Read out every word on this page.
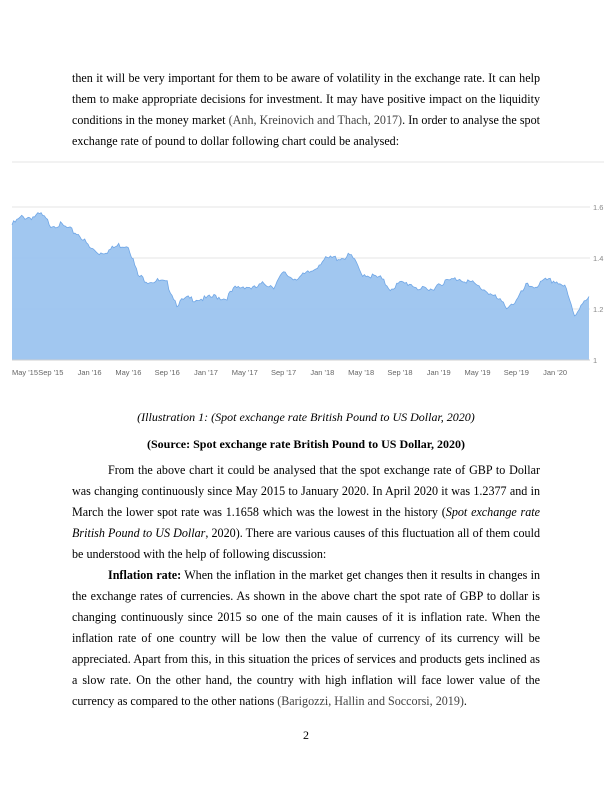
then it will be very important for them to be aware of volatility in the exchange rate. It can help them to make appropriate decisions for investment. It may have positive impact on the liquidity conditions in the money market (Anh, Kreinovich and Thach, 2017). In order to analyse the spot exchange rate of pound to dollar following chart could be analysed:

1.6
1.4
1.2
1
May '15 Sep '15 Jan '16 May '16 Sep '16 Jan '17 May '17 Sep '17 Jan '18 May '18 Sep '18 Jan '19 May '19 Sep '19 Jan '20
(Illustration 1: (Spot exchange rate British Pound to US Dollar, 2020)
(Source: Spot exchange rate British Pound to US Dollar, 2020)

From the above chart it could be analysed that the spot exchange rate of GBP to Dollar was changing continuously since May 2015 to January 2020. In April 2020 it was 1.2377 and in March the lower spot rate was 1.1658 which was the lowest in the history (Spot exchange rate British Pound to US Dollar, 2020). There are various causes of this fluctuation all of them could be understood with the help of following discussion:

Inflation rate: When the inflation in the market get changes then it results in changes in the exchange rates of currencies. As shown in the above chart the spot rate of GBP to dollar is changing continuously since 2015 so one of the main causes of it is inflation rate. When the inflation rate of one country will be low then the value of currency of its currency will be appreciated. Apart from this, in this situation the prices of services and products gets inclined as a slow rate. On the other hand, the country with high inflation will face lower value of the currency as compared to the other nations (Barigozzi, Hallin and Soccorsi, 2019).

2
